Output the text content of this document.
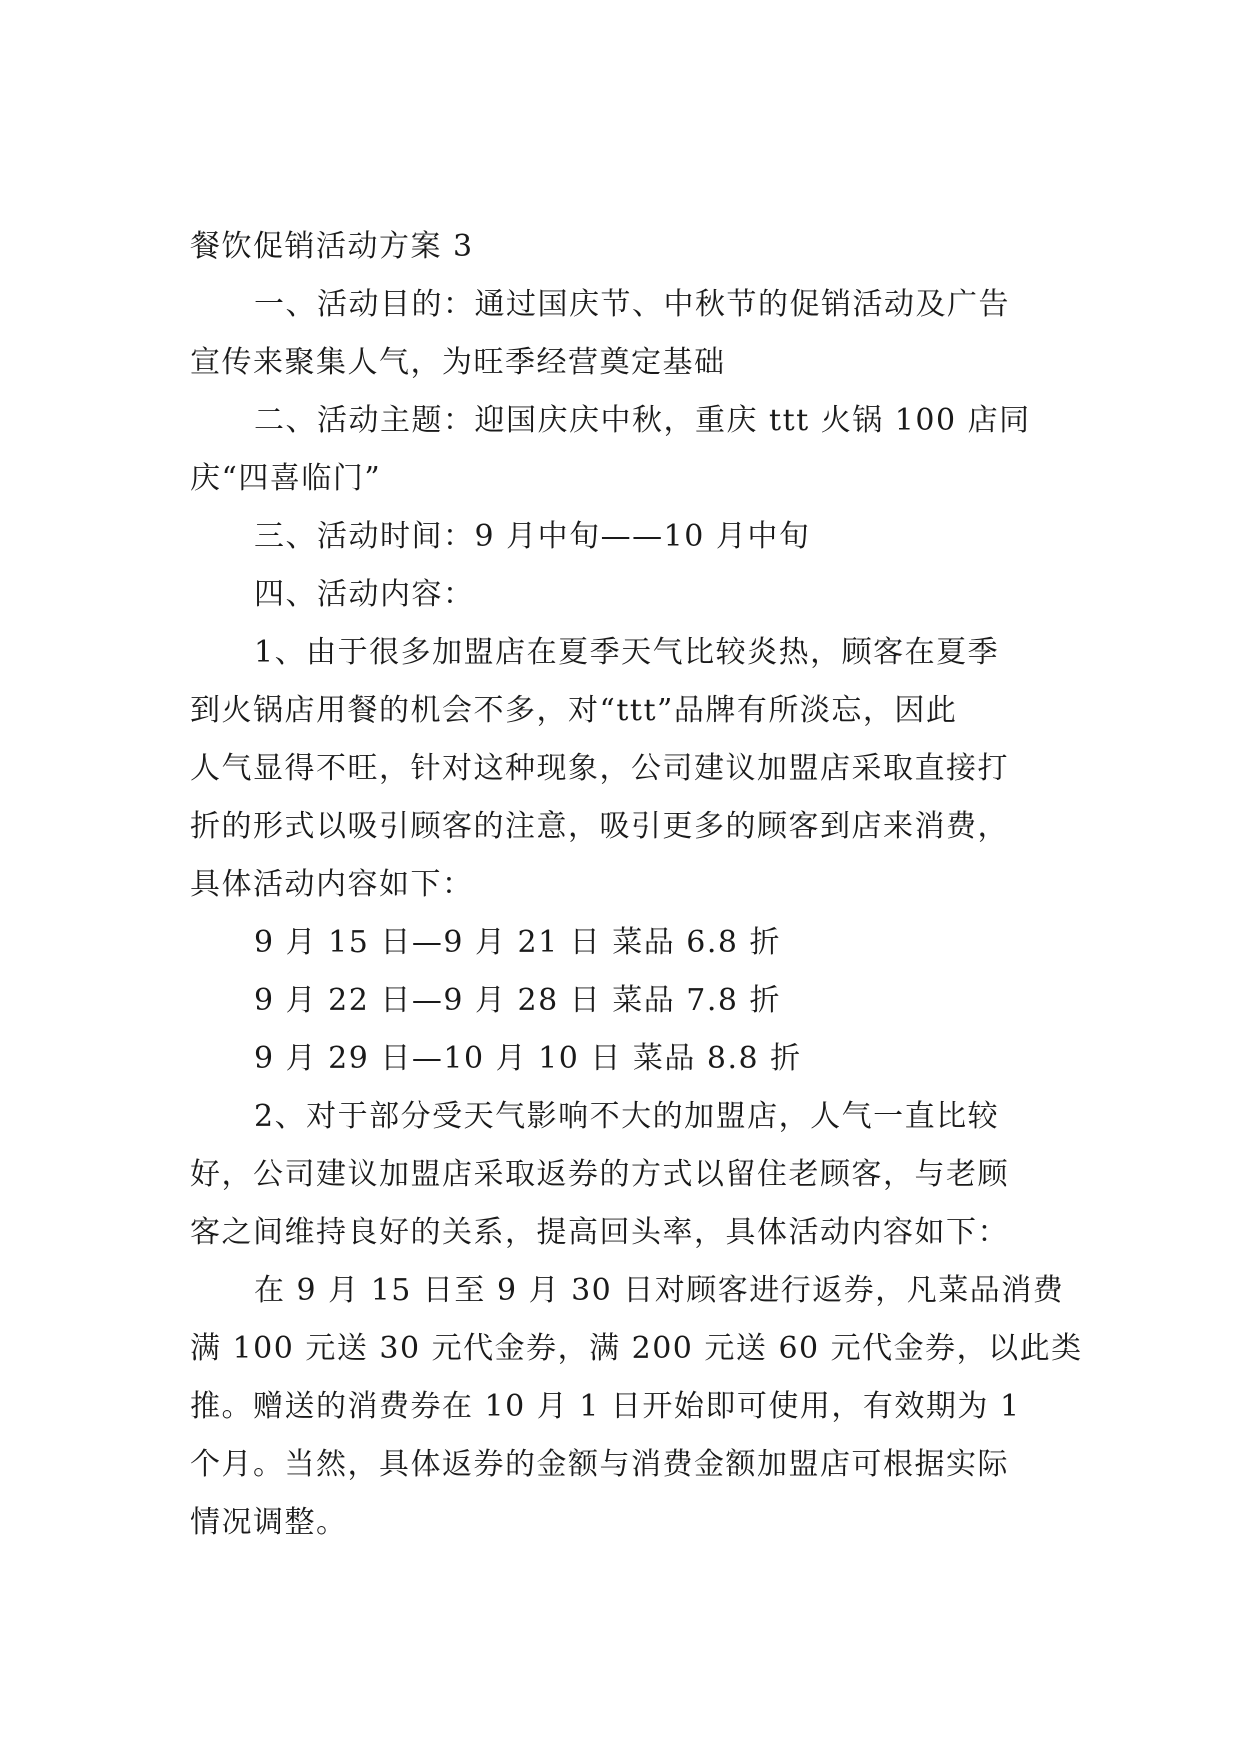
餐饮促销活动方案 3
一、活动目的：通过国庆节、中秋节的促销活动及广告
宣传来聚集人气，为旺季经营奠定基础
二、活动主题：迎国庆庆中秋，重庆 ttt 火锅 100 店同
庆“四喜临门”
三、活动时间：9 月中旬——10 月中旬
四、活动内容：
1、由于很多加盟店在夏季天气比较炎热，顾客在夏季
到火锅店用餐的机会不多，对“ttt”品牌有所淡忘，因此
人气显得不旺，针对这种现象，公司建议加盟店采取直接打
折的形式以吸引顾客的注意，吸引更多的顾客到店来消费，
具体活动内容如下：
9 月 15 日—9 月 21 日 菜品 6.8 折
9 月 22 日—9 月 28 日 菜品 7.8 折
9 月 29 日—10 月 10 日 菜品 8.8 折
2、对于部分受天气影响不大的加盟店，人气一直比较
好，公司建议加盟店采取返券的方式以留住老顾客，与老顾
客之间维持良好的关系，提高回头率，具体活动内容如下：
在 9 月 15 日至 9 月 30 日对顾客进行返券，凡菜品消费
满 100 元送 30 元代金券，满 200 元送 60 元代金券，以此类
推。赠送的消费券在 10 月 1 日开始即可使用，有效期为 1
个月。当然，具体返券的金额与消费金额加盟店可根据实际
情况调整。
